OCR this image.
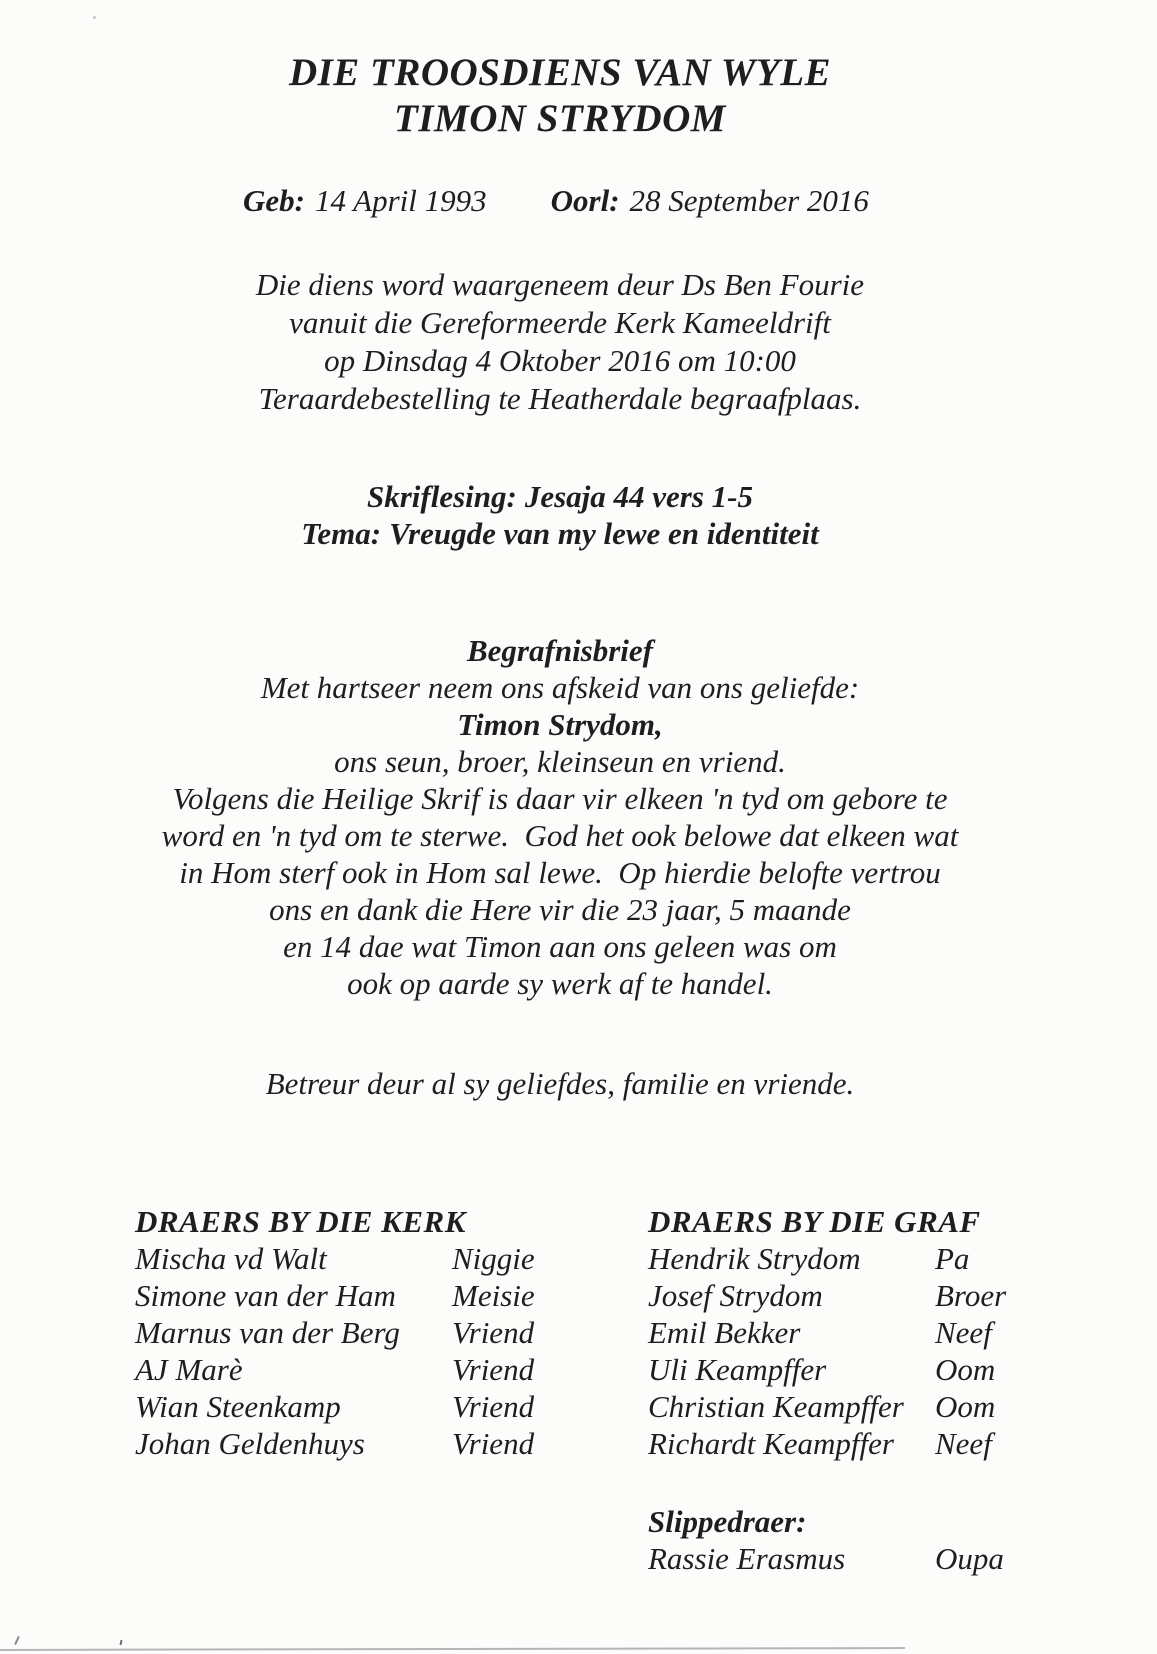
DIE TROOSDIENS VAN WYLE
TIMON STRYDOM
Geb: 14 April 1993 Oorl: 28 September 2016
Die diens word waargeneem deur Ds Ben Fourie
vanuit die Gereformeerde Kerk Kameeldrift
op Dinsdag 4 Oktober 2016 om 10:00
Teraardebestelling te Heatherdale begraafplaas.
Skriflesing: Jesaja 44 vers 1-5
Tema: Vreugde van my lewe en identiteit
Begrafnisbrief
Met hartseer neem ons afskeid van ons geliefde:
Timon Strydom,
ons seun, broer, kleinseun en vriend.
Volgens die Heilige Skrif is daar vir elkeen 'n tyd om gebore te
word en 'n tyd om te sterwe.  God het ook belowe dat elkeen wat
in Hom sterf ook in Hom sal lewe.  Op hierdie belofte vertrou
ons en dank die Here vir die 23 jaar, 5 maande
en 14 dae wat Timon aan ons geleen was om
ook op aarde sy werk af te handel.
Betreur deur al sy geliefdes, familie en vriende.
DRAERS BY DIE KERK
Mischa vd Walt	Niggie
Simone van der Ham Meisie
Marnus van der Berg Vriend
AJ Marè	Vriend
Wian Steenkamp	Vriend
Johan Geldenhuys	Vriend
DRAERS BY DIE GRAF
Hendrik Strydom Pa
Josef Strydom	Broer
Emil Bekker	Neef
Uli Keampffer	Oom
Christian Keampffer Oom
Richardt Keampffer Neef
Slippedraer:
Rassie Erasmus	Oupa
